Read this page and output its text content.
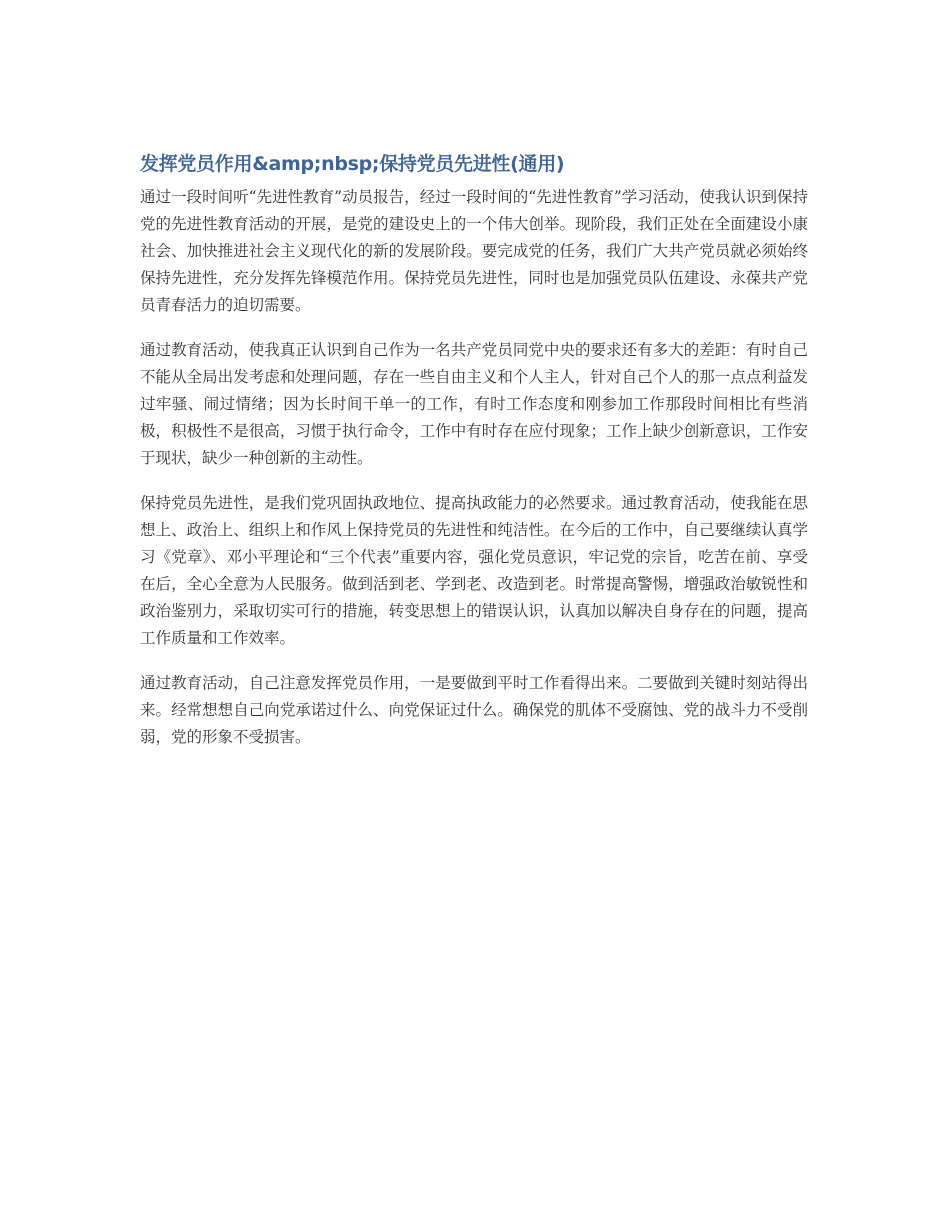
发挥党员作用&amp;nbsp;保持党员先进性(通用)

通过一段时间听“先进性教育”动员报告，经过一段时间的“先进性教育”学习活动，使我认识到保持党的先进性教育活动的开展，是党的建设史上的一个伟大创举。现阶段，我们正处在全面建设小康社会、加快推进社会主义现代化的新的发展阶段。要完成党的任务，我们广大共产党员就必须始终保持先进性，充分发挥先锋模范作用。保持党员先进性，同时也是加强党员队伍建设、永葆共产党员青春活力的迫切需要。

通过教育活动，使我真正认识到自己作为一名共产党员同党中央的要求还有多大的差距：有时自己不能从全局出发考虑和处理问题，存在一些自由主义和个人主人，针对自己个人的那一点点利益发过牢骚、闹过情绪；因为长时间干单一的工作，有时工作态度和刚参加工作那段时间相比有些消极，积极性不是很高，习惯于执行命令，工作中有时存在应付现象；工作上缺少创新意识，工作安于现状，缺少一种创新的主动性。

保持党员先进性，是我们党巩固执政地位、提高执政能力的必然要求。通过教育活动，使我能在思想上、政治上、组织上和作风上保持党员的先进性和纯洁性。在今后的工作中，自己要继续认真学习《党章》、邓小平理论和“三个代表”重要内容，强化党员意识，牢记党的宗旨，吃苦在前、享受在后，全心全意为人民服务。做到活到老、学到老、改造到老。时常提高警惕，增强政治敏锐性和政治鉴别力，采取切实可行的措施，转变思想上的错误认识，认真加以解决自身存在的问题，提高工作质量和工作效率。

通过教育活动，自己注意发挥党员作用，一是要做到平时工作看得出来。二要做到关键时刻站得出来。经常想想自己向党承诺过什么、向党保证过什么。确保党的肌体不受腐蚀、党的战斗力不受削弱，党的形象不受损害。
